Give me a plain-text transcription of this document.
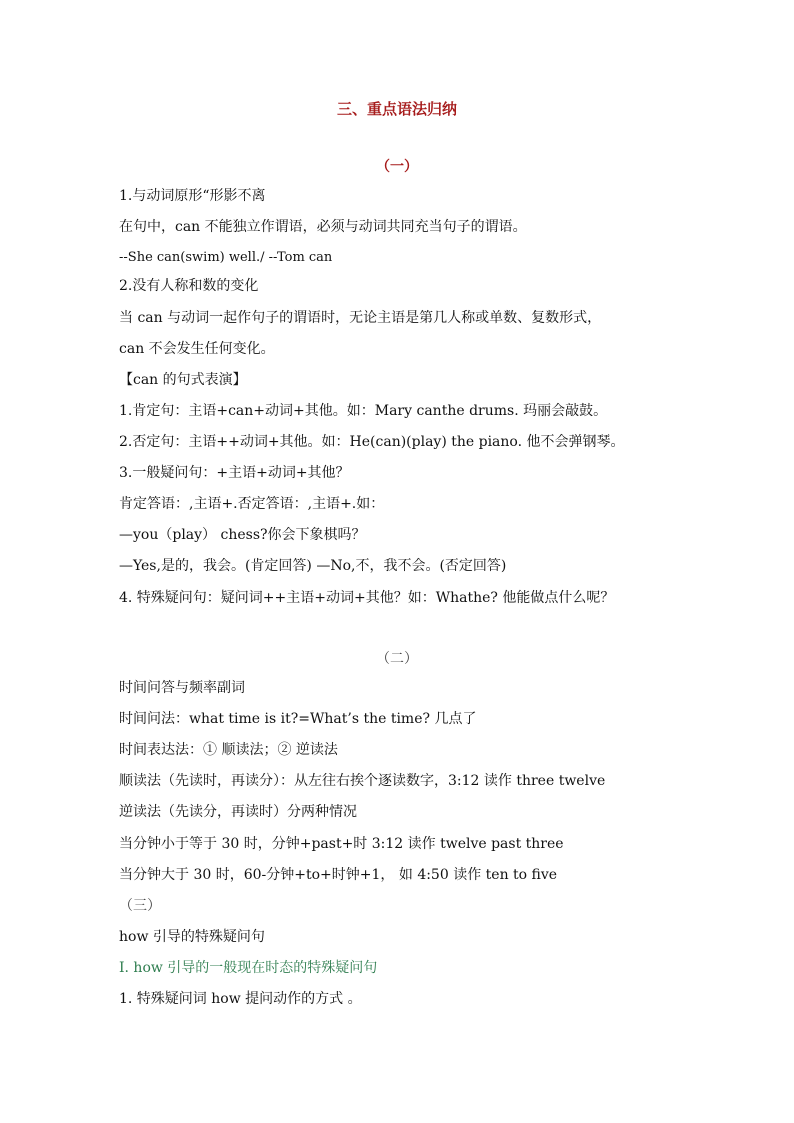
三、重点语法归纳
（一）
1.与动词原形“形影不离
在句中，can 不能独立作谓语，必须与动词共同充当句子的谓语。
--She can(swim) well./ --Tom can
2.没有人称和数的变化
当 can 与动词一起作句子的谓语时，无论主语是第几人称或单数、复数形式，
can 不会发生任何变化。
【can 的句式表演】
1.肯定句：主语+can+动词+其他。如：Mary canthe drums. 玛丽会敲鼓。
2.否定句：主语++动词+其他。如：He(can)(play) the piano. 他不会弹钢琴。
3.一般疑问句：+主语+动词+其他？
肯定答语：,主语+.否定答语：,主语+.如：
—you（play） chess?你会下象棋吗？
—Yes,是的，我会。(肯定回答) —No,不，我不会。(否定回答)
4. 特殊疑问句：疑问词++主语+动词+其他？如：Whathe? 他能做点什么呢？
（二）
时间问答与频率副词
时间问法：what time is it?=What’s the time? 几点了
时间表达法：① 顺读法；② 逆读法
顺读法（先读时，再读分）：从左往右挨个逐读数字，3:12 读作 three twelve
逆读法（先读分，再读时）分两种情况
当分钟小于等于 30 时，分钟+past+时 3:12 读作 twelve past three
当分钟大于 30 时，60-分钟+to+时钟+1， 如 4:50 读作 ten to five
（三）
how 引导的特殊疑问句
Ⅰ. how 引导的一般现在时态的特殊疑问句
1. 特殊疑问词 how 提问动作的方式 。
